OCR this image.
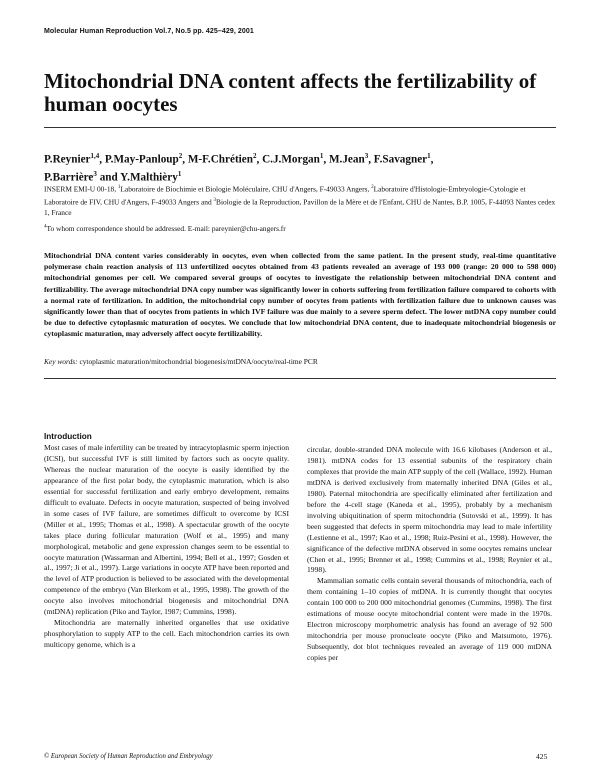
Molecular Human Reproduction Vol.7, No.5 pp. 425–429, 2001
Mitochondrial DNA content affects the fertilizability of human oocytes
P.Reynier$^{1,4}$, P.May-Panloup$^2$, M-F.Chrétien$^2$, C.J.Morgan$^1$, M.Jean$^3$, F.Savagner$^1$,
P.Barrière$^3$ and Y.Malthièry$^1$
INSERM EMI-U 00-18, $^1$Laboratoire de Biochimie et Biologie Moléculaire, CHU d'Angers, F-49033 Angers, $^2$Laboratoire d'Histologie-Embryologie-Cytologie et Laboratoire de FIV, CHU d'Angers, F-49033 Angers and $^3$Biologie de la Reproduction, Pavillon de la Mère et de l'Enfant, CHU de Nantes, B.P. 1005, F-44093 Nantes cedex 1, France
$^4$To whom correspondence should be addressed. E-mail: pareynier@chu-angers.fr
Mitochondrial DNA content varies considerably in oocytes, even when collected from the same patient. In the present study, real-time quantitative polymerase chain reaction analysis of 113 unfertilized oocytes obtained from 43 patients revealed an average of 193 000 (range: 20 000 to 598 000) mitochondrial genomes per cell. We compared several groups of oocytes to investigate the relationship between mitochondrial DNA content and fertilizability. The average mitochondrial DNA copy number was significantly lower in cohorts suffering from fertilization failure compared to cohorts with a normal rate of fertilization. In addition, the mitochondrial copy number of oocytes from patients with fertilization failure due to unknown causes was significantly lower than that of oocytes from patients in which IVF failure was due mainly to a severe sperm defect. The lower mtDNA copy number could be due to defective cytoplasmic maturation of oocytes. We conclude that low mitochondrial DNA content, due to inadequate mitochondrial biogenesis or cytoplasmic maturation, may adversely affect oocyte fertilizability.
Key words: cytoplasmic maturation/mitochondrial biogenesis/mtDNA/oocyte/real-time PCR
Introduction

Most cases of male infertility can be treated by intracytoplasmic sperm injection (ICSI), but successful IVF is still limited by factors such as oocyte quality. Whereas the nuclear maturation of the oocyte is easily identified by the appearance of the first polar body, the cytoplasmic maturation, which is also essential for successful fertilization and early embryo development, remains difficult to evaluate. Defects in oocyte maturation, suspected of being involved in some cases of IVF failure, are sometimes difficult to overcome by ICSI (Miller et al., 1995; Thomas et al., 1998). A spectacular growth of the oocyte takes place during follicular maturation (Wolf et al., 1995) and many morphological, metabolic and gene expression changes seem to be essential to oocyte maturation (Wassarman and Albertini, 1994; Bell et al., 1997; Gosden et al., 1997; Ji et al., 1997). Large variations in oocyte ATP have been reported and the level of ATP production is believed to be associated with the developmental competence of the embryo (Van Blerkom et al., 1995, 1998). The growth of the oocyte also involves mitochondrial biogenesis and mitochondrial DNA (mtDNA) replication (Piko and Taylor, 1987; Cummins, 1998).

Mitochondria are maternally inherited organelles that use oxidative phosphorylation to supply ATP to the cell. Each mitochondrion carries its own multicopy genome, which is a

circular, double-stranded DNA molecule with 16.6 kilobases (Anderson et al., 1981). mtDNA codes for 13 essential subunits of the respiratory chain complexes that provide the main ATP supply of the cell (Wallace, 1992). Human mtDNA is derived exclusively from maternally inherited DNA (Giles et al., 1980). Paternal mitochondria are specifically eliminated after fertilization and before the 4-cell stage (Kaneda et al., 1995), probably by a mechanism involving ubiquitination of sperm mitochondria (Sutovski et al., 1999). It has been suggested that defects in sperm mitochondria may lead to male infertility (Lestienne et al., 1997; Kao et al., 1998; Ruiz-Pesini et al., 1998). However, the significance of the defective mtDNA observed in some oocytes remains unclear (Chen et al., 1995; Brenner et al., 1998; Cummins et al., 1998; Reynier et al., 1998).

Mammalian somatic cells contain several thousands of mitochondria, each of them containing 1–10 copies of mtDNA. It is currently thought that oocytes contain 100 000 to 200 000 mitochondrial genomes (Cummins, 1998). The first estimations of mouse oocyte mitochondrial content were made in the 1970s. Electron microscopy morphometric analysis has found an average of 92 500 mitochondria per mouse pronucleate oocyte (Piko and Matsumoto, 1976). Subsequently, dot blot techniques revealed an average of 119 000 mtDNA copies per

© European Society of Human Reproduction and Embryology	425
